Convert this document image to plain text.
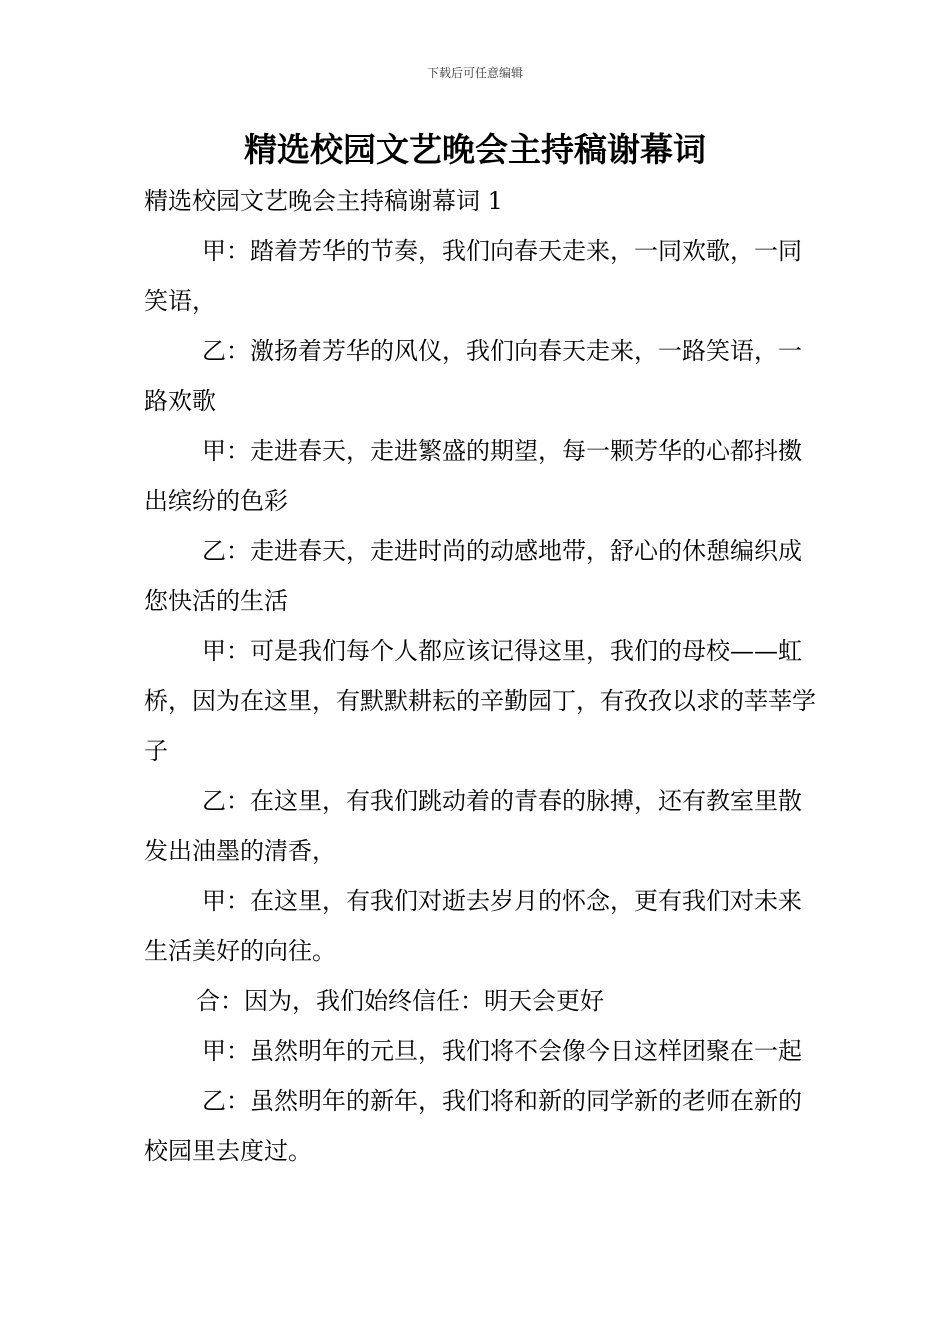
下载后可任意编辑
精选校园文艺晚会主持稿谢幕词

精选校园文艺晚会主持稿谢幕词 1

甲：踏着芳华的节奏，我们向春天走来，一同欢歌，一同笑语，

乙：激扬着芳华的风仪，我们向春天走来，一路笑语，一路欢歌

甲：走进春天，走进繁盛的期望，每一颗芳华的心都抖擞出缤纷的色彩

乙：走进春天，走进时尚的动感地带，舒心的休憩编织成您快活的生活

甲：可是我们每个人都应该记得这里，我们的母校——虹桥，因为在这里，有默默耕耘的辛勤园丁，有孜孜以求的莘莘学子

乙：在这里，有我们跳动着的青春的脉搏，还有教室里散发出油墨的清香，

甲：在这里，有我们对逝去岁月的怀念，更有我们对未来生活美好的向往。

合：因为，我们始终信任：明天会更好

甲：虽然明年的元旦，我们将不会像今日这样团聚在一起

乙：虽然明年的新年，我们将和新的同学新的老师在新的校园里去度过。
